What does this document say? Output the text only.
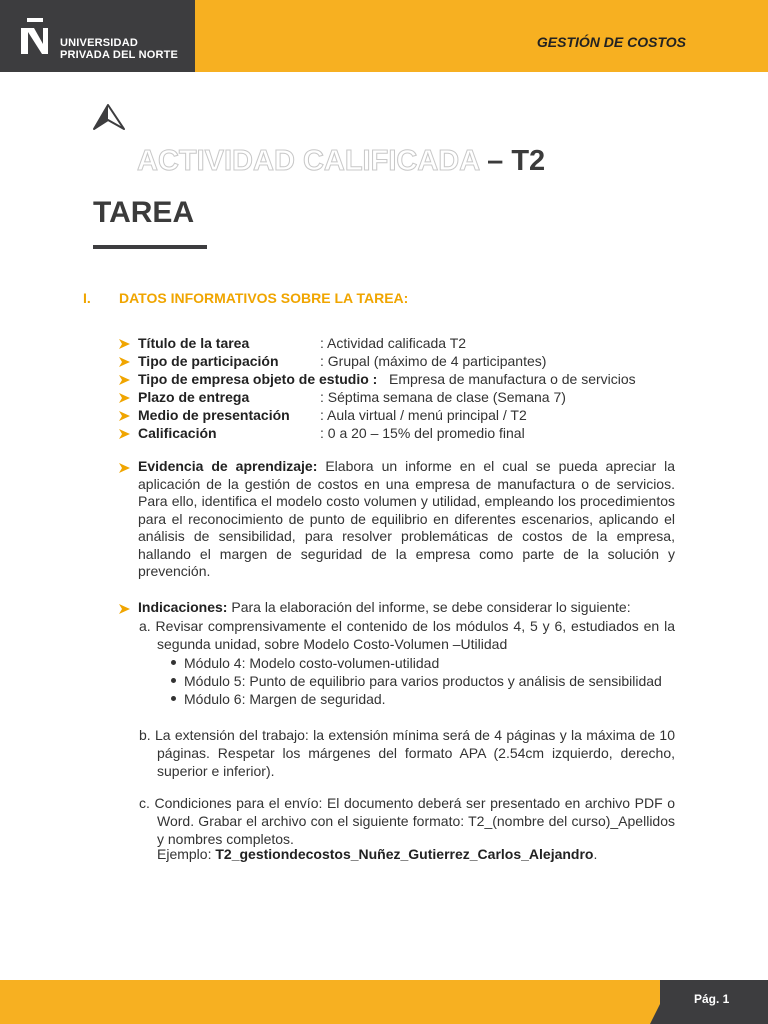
UNIVERSIDAD
PRIVADA DEL NORTE
GESTIÓN DE COSTOS
ACTIVIDAD CALIFICADA – T2
TAREA
I. DATOS INFORMATIVOS SOBRE LA TAREA:
Título de la tarea	: Actividad calificada T2
Tipo de participación	: Grupal (máximo de 4 participantes)
Tipo de empresa objeto de estudio : Empresa de manufactura o de servicios
Plazo de entrega	: Séptima semana de clase (Semana 7)
Medio de presentación : Aula virtual / menú principal / T2
Calificación	: 0 a 20 – 15% del promedio final
Evidencia de aprendizaje: Elabora un informe en el cual se pueda apreciar la aplicación de la gestión de costos en una empresa de manufactura o de servicios. Para ello, identifica el modelo costo volumen y utilidad, empleando los procedimientos para el reconocimiento de punto de equilibrio en diferentes escenarios, aplicando el análisis de sensibilidad, para resolver problemáticas de costos de la empresa, hallando el margen de seguridad de la empresa como parte de la solución y prevención.
Indicaciones: Para la elaboración del informe, se debe considerar lo siguiente:
a. Revisar comprensivamente el contenido de los módulos 4, 5 y 6, estudiados en la segunda unidad, sobre Modelo Costo-Volumen –Utilidad
Módulo 4: Modelo costo-volumen-utilidad
Módulo 5: Punto de equilibrio para varios productos y análisis de sensibilidad
Módulo 6: Margen de seguridad.
b. La extensión del trabajo: la extensión mínima será de 4 páginas y la máxima de 10 páginas. Respetar los márgenes del formato APA (2.54cm izquierdo, derecho, superior e inferior).
c. Condiciones para el envío: El documento deberá ser presentado en archivo PDF o Word. Grabar el archivo con el siguiente formato: T2_(nombre del curso)_Apellidos y nombres completos.
Ejemplo: T2_gestiondecostos_Nuñez_Gutierrez_Carlos_Alejandro.
Pág. 1
